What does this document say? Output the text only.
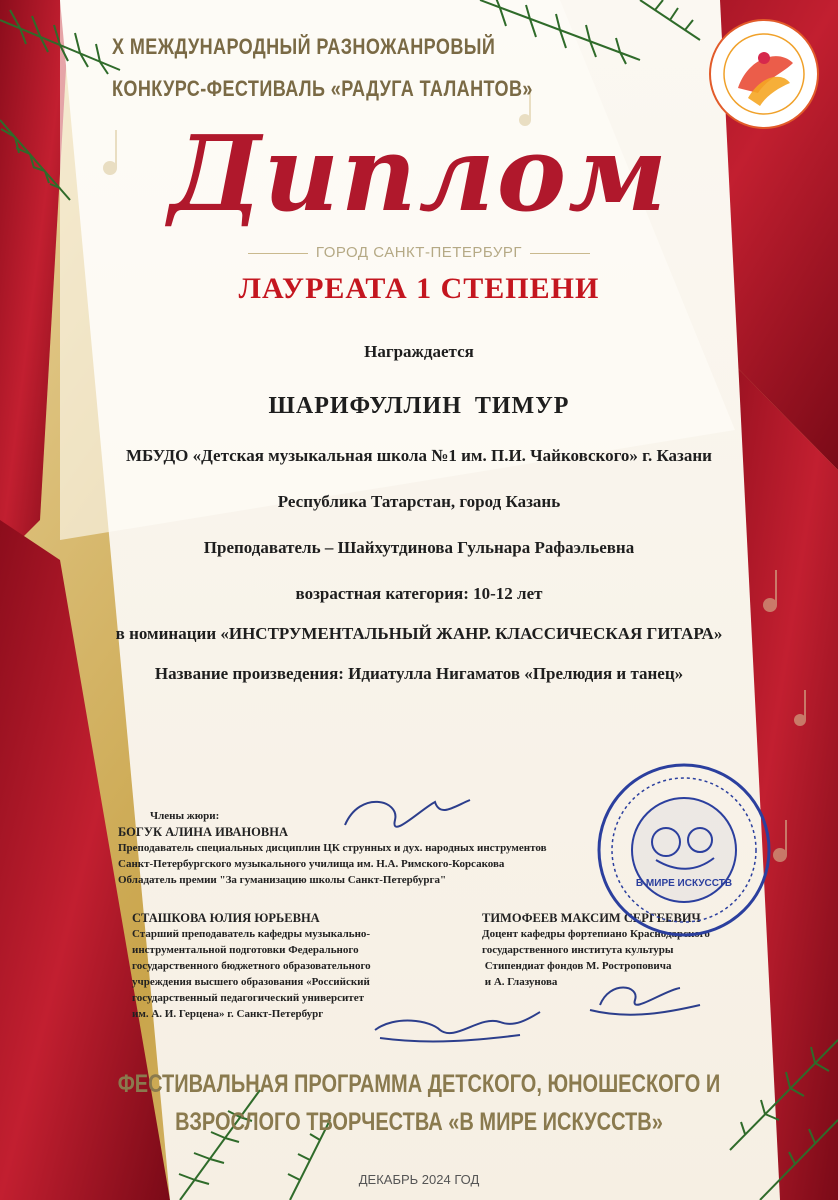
X МЕЖДУНАРОДНЫЙ РАЗНОЖАНРОВЫЙ
КОНКУРС-ФЕСТИВАЛЬ «РАДУГА ТАЛАНТОВ»
Диплом
ГОРОД САНКТ-ПЕТЕРБУРГ
ЛАУРЕАТА 1 СТЕПЕНИ
Награждается
ШАРИФУЛЛИН ТИМУР
МБУДО «Детская музыкальная школа №1 им. П.И. Чайковского» г. Казани
Республика Татарстан, город Казань
Преподаватель – Шайхутдинова Гульнара Рафаэльевна
возрастная категория: 10-12 лет
в номинации «ИНСТРУМЕНТАЛЬНЫЙ ЖАНР. КЛАССИЧЕСКАЯ ГИТАРА»
Название произведения: Идиатулла Нигаматов «Прелюдия и танец»
Члены жюри:
БОГУК АЛИНА ИВАНОВНА
Преподаватель специальных дисциплин ЦК струнных и дух. народных инструментов
Санкт-Петербургского музыкального училища им. Н.А. Римского-Корсакова
Обладатель премии "За гуманизацию школы Санкт-Петербурга"
СТАШКОВА ЮЛИЯ ЮРЬЕВНА
Старший преподаватель кафедры музыкально-
инструментальной подготовки Федерального
государственного бюджетного образовательного
учреждения высшего образования «Российский
государственный педагогический университет
им. А. И. Герцена» г. Санкт-Петербург
ТИМОФЕЕВ МАКСИМ СЕРГЕЕВИЧ
Доцент кафедры фортепиано Краснодарского
государственного института культуры
Стипендиат фондов М. Ростроповича
и А. Глазунова
В МИРЕ ИСКУССТВ
ФЕСТИВАЛЬНАЯ ПРОГРАММА ДЕТСКОГО, ЮНОШЕСКОГО И
ВЗРОСЛОГО ТВОРЧЕСТВА «В МИРЕ ИСКУССТВ»
ДЕКАБРЬ 2024 ГОД
